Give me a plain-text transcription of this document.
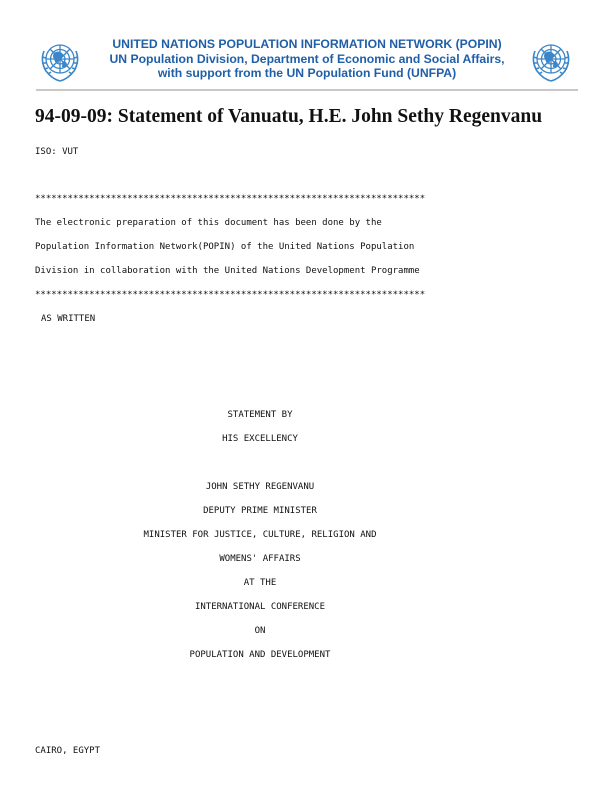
UNITED NATIONS POPULATION INFORMATION NETWORK (POPIN)
UN Population Division, Department of Economic and Social Affairs,
with support from the UN Population Fund (UNFPA)
94-09-09: Statement of Vanuatu, H.E. John Sethy Regenvanu
ISO: VUT
************************************************************************
The electronic preparation of this document has been done by the
Population Information Network(POPIN) of the United Nations Population
Division in collaboration with the United Nations Development Programme
************************************************************************
AS WRITTEN
STATEMENT BY
HIS EXCELLENCY
JOHN SETHY REGENVANU
DEPUTY PRIME MINISTER
MINISTER FOR JUSTICE, CULTURE, RELIGION AND
WOMENS' AFFAIRS
AT THE
INTERNATIONAL CONFERENCE
ON
POPULATION AND DEVELOPMENT
CAIRO, EGYPT
